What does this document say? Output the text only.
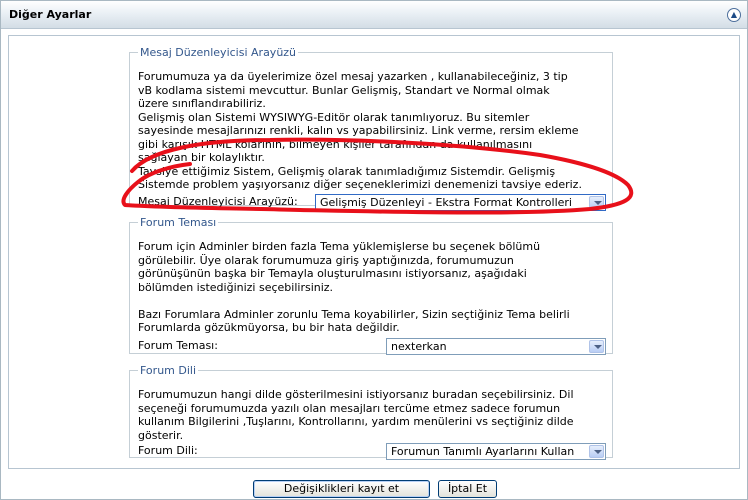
Diğer Ayarlar	▲
Mesaj Düzenleyicisi Arayüzü
Forumumuza ya da üyelerimize özel mesaj yazarken , kullanabileceğiniz, 3 tip
vB kodlama sistemi mevcuttur. Bunlar Gelişmiş, Standart ve Normal olmak
üzere sınıflandırabiliriz.
Gelişmiş olan Sistemi WYSIWYG-Editör olarak tanımlıyoruz. Bu sitemler
sayesinde mesajlarınızı renkli, kalın vs yapabilirsiniz. Link verme, rersim ekleme
gibi karışık HTML kolarının, bilmeyen kişiler tarafından da kullanılmasını
sağlayan bir kolaylıktır.
Tavsiye ettiğimiz Sistem, Gelişmiş olarak tanımladığımız Sistemdir. Gelişmiş
Sistemde problem yaşıyorsanız diğer seçeneklerimizi denemenizi tavsiye ederiz.
Mesaj Düzenleyicisi Arayüzü: Gelişmiş Düzenleyi - Ekstra Format Kontrolleri
Forum Teması
Forum için Adminler birden fazla Tema yüklemişlerse bu seçenek bölümü
görülebilir. Üye olarak forumumuza giriş yaptığınızda, forumumuzun
görünüşünün başka bir Temayla oluşturulmasını istiyorsanız, aşağıdaki
bölümden istediğinizi seçebilirsiniz.
Bazı Forumlara Adminler zorunlu Tema koyabilirler, Sizin seçtiğiniz Tema belirli
Forumlarda gözükmüyorsa, bu bir hata değildir.
Forum Teması:	nexterkan
Forum Dili
Forumumuzun hangi dilde gösterilmesini istiyorsanız buradan seçebilirsiniz. Dil
seçeneği forumumuzda yazılı olan mesajları tercüme etmez sadece forumun
kullanım Bilgilerini ,Tuşlarını, Kontrollarını, yardım menülerini vs seçtiğiniz dilde
gösterir.
Forum Dili:	Forumun Tanımlı Ayarlarını Kullan
Değişiklikleri kayıt et	İptal Et
